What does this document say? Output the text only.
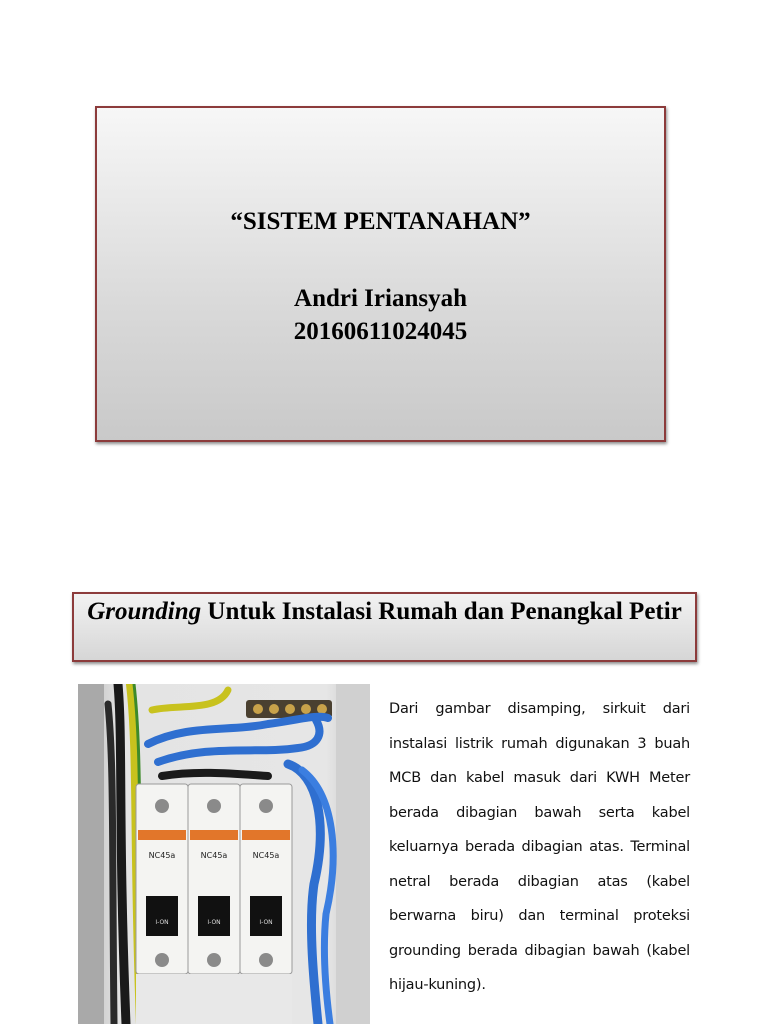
“SISTEM PENTANAHAN”
Andri Iriansyah
20160611024045
Grounding Untuk Instalasi Rumah dan Penangkal Petir
NC45a
I-ON
NC45a
I-ON
NC45a
I-ON
Dari gambar disamping, sirkuit dari instalasi listrik rumah digunakan 3 buah MCB dan kabel masuk dari KWH Meter berada dibagian bawah serta kabel keluarnya berada dibagian atas. Terminal netral berada dibagian atas (kabel berwarna biru) dan terminal proteksi grounding berada dibagian bawah (kabel hijau-kuning).
